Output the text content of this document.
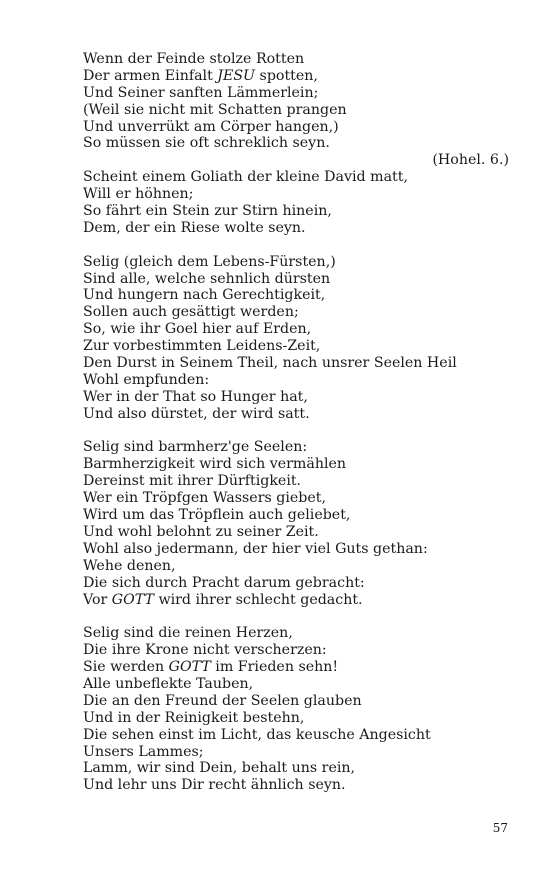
Wenn der Feinde stolze Rotten
Der armen Einfalt JESU spotten,
Und Seiner sanften Lämmerlein;
(Weil sie nicht mit Schatten prangen
Und unverrükt am Cörper hangen,)
So müssen sie oft schreklich seyn.
(Hohel. 6.)
Scheint einem Goliath der kleine David matt,
Will er höhnen;
So fährt ein Stein zur Stirn hinein,
Dem, der ein Riese wolte seyn.
Selig (gleich dem Lebens-Fürsten,)
Sind alle, welche sehnlich dürsten
Und hungern nach Gerechtigkeit,
Sollen auch gesättigt werden;
So, wie ihr Goel hier auf Erden,
Zur vorbestimmten Leidens-Zeit,
Den Durst in Seinem Theil, nach unsrer Seelen Heil
Wohl empfunden:
Wer in der That so Hunger hat,
Und also dürstet, der wird satt.
Selig sind barmherz'ge Seelen:
Barmherzigkeit wird sich vermählen
Dereinst mit ihrer Dürftigkeit.
Wer ein Tröpfgen Wassers giebet,
Wird um das Tröpflein auch geliebet,
Und wohl belohnt zu seiner Zeit.
Wohl also jedermann, der hier viel Guts gethan:
Wehe denen,
Die sich durch Pracht darum gebracht:
Vor GOTT wird ihrer schlecht gedacht.
Selig sind die reinen Herzen,
Die ihre Krone nicht verscherzen:
Sie werden GOTT im Frieden sehn!
Alle unbeflekte Tauben,
Die an den Freund der Seelen glauben
Und in der Reinigkeit bestehn,
Die sehen einst im Licht, das keusche Angesicht
Unsers Lammes;
Lamm, wir sind Dein, behalt uns rein,
Und lehr uns Dir recht ähnlich seyn.
57
